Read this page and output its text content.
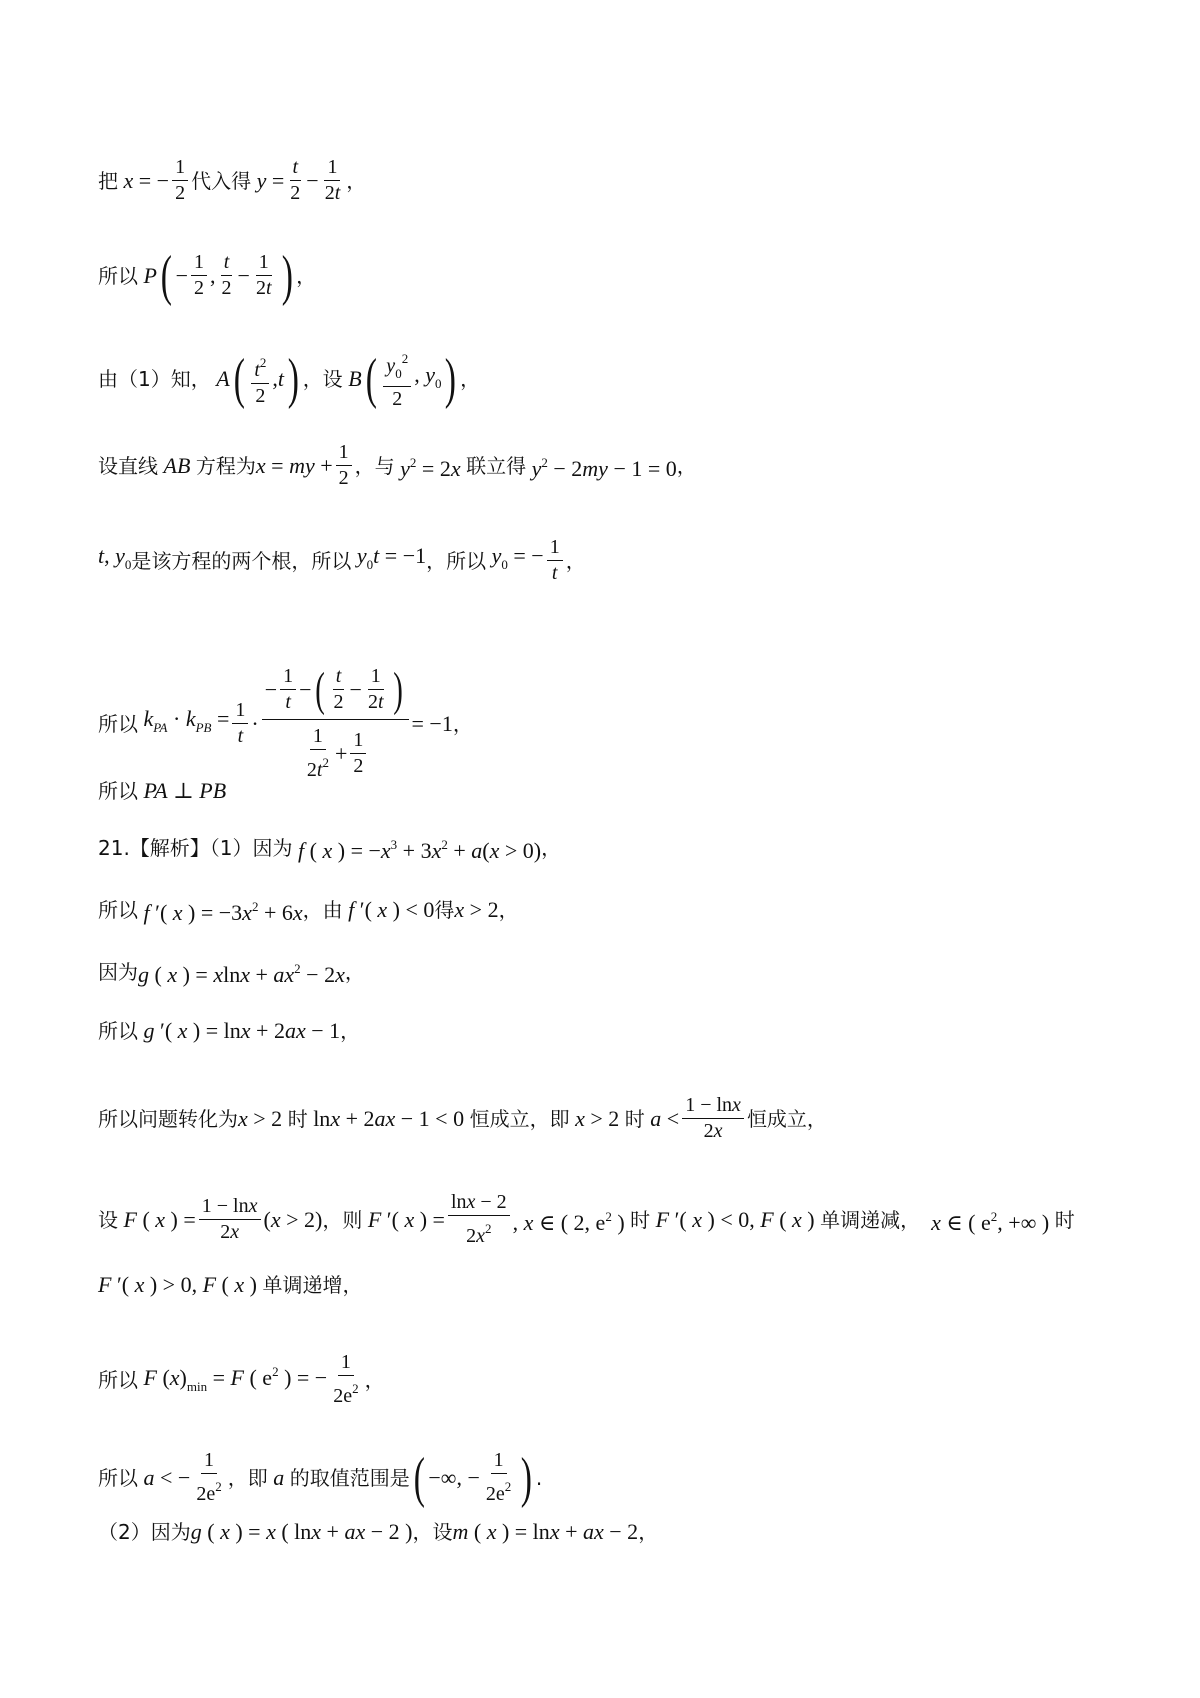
把 x = − $\frac{1}{2}$ 代入得 $y = \frac{t}{2} - \frac{1}{2t}$ ，
所以 P ( − $\frac{1}{2}$ , $\frac{t}{2} - \frac{1}{2t}$ ) ，
由（1）知， A ( $\frac{t^2}{2} ,t$ ) ，设 B ( $\frac{y_0^2}{2}$ , $y_0$ ) ，
设直线 AB 方程为 x = my + $\frac{1}{2}$ ，与 $y^2 = 2x$ 联立得 $y^2 - 2my - 1 = 0$ ，
t, $y_0$ 是该方程的两个根，所以 $y_0t = -1$ ，所以 $y_0$ = − $\frac{1}{t}$ ，
所以 $k_{PA} \cdot k_{PB} = \frac{1}{t}$ ·
− $\frac{1}{t}$ − ( $\frac{t}{2} - \frac{1}{2t}$ )
$\frac{1}{2t^2} + \frac{1}{2}$
= −1 ，
所以 PA ⊥ PB
21.【解析】（1）因为 f ( x ) = $-x^3 + 3x^2 + a(x > 0)$ ，
所以 f ′( x ) = $-3x^2 + 6x$ ，由 f ′( x ) < 0 得 x > 2 ，
因为 g ( x ) = $xlnx + ax^2 - 2x$ ，
所以 g ′( x ) = lnx + 2ax − 1 ，
所以问题转化为 x > 2 时 lnx + 2ax − 1 < 0 恒成立，即 x > 2 时 $a < \frac{1 - \ln x}{2x}$ 恒成立，
设 F ( x ) = $\frac{1 - \ln x}{2x} (x > 2)$ ，则 F ′( x ) = $\frac{\ln x - 2}{2x^2}$ , x ∈ ( 2, $e^2$ ) 时 F ′( x ) < 0, F ( x ) 单调递减， x ∈ ( $e^2$, +∞ ) 时
F ′( x ) > 0, F ( x ) 单调递增，
所以 F $(x)_{min} = F$ ( $e^2$ ) = − $\frac{1}{2e^2}$ ，
所以 a < − $\frac{1}{2e^2}$ ，即 a 的取值范围是 ( −∞, − $\frac{1}{2e^2}$ ) .
（2）因为 g ( x ) = x ( lnx + ax − 2 ) ，设 m ( x ) = lnx + ax − 2 ，
